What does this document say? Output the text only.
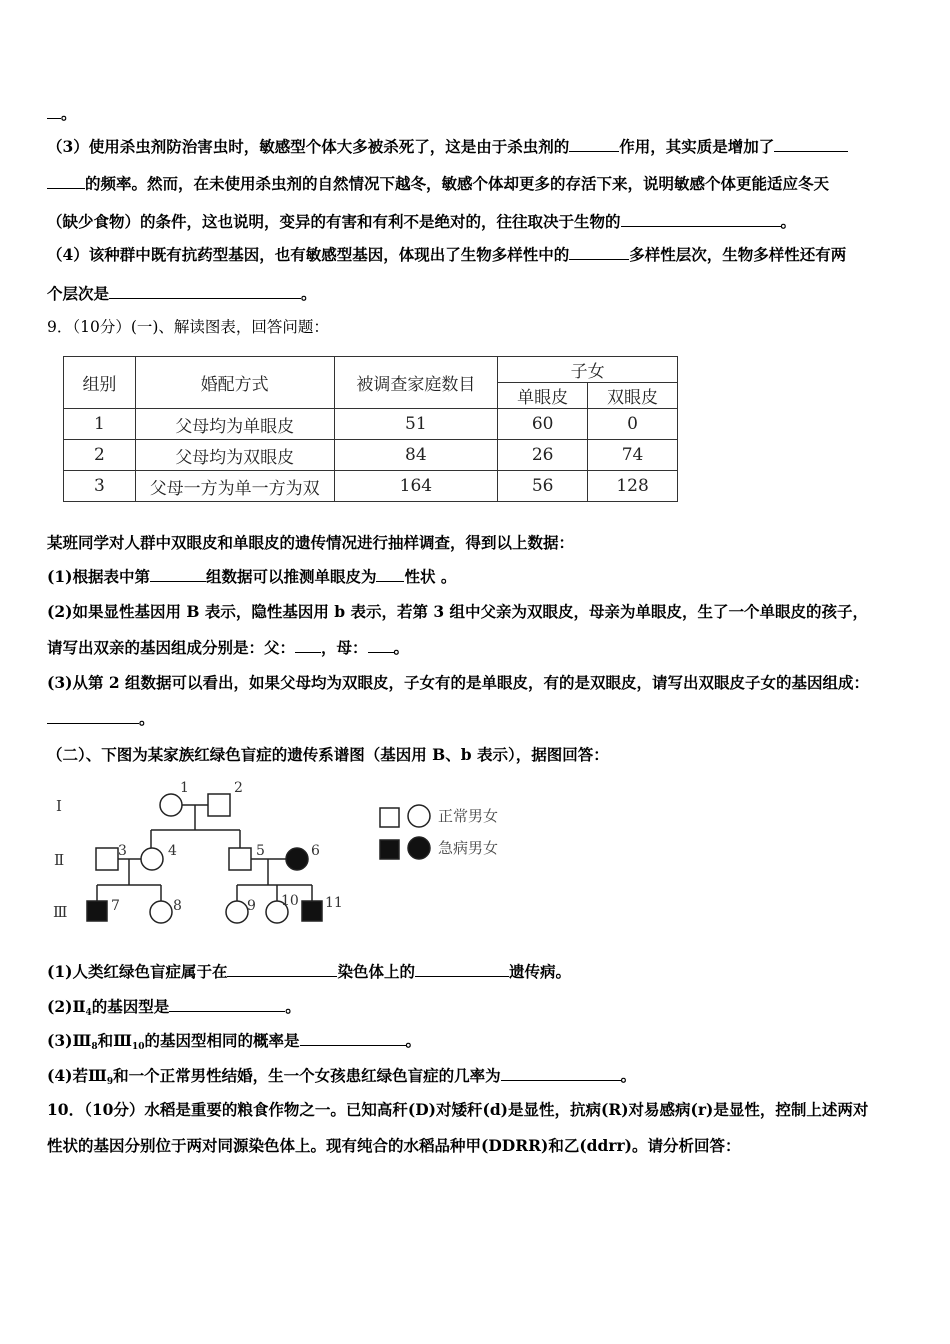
。
（3）使用杀虫剂防治害虫时，敏感型个体大多被杀死了，这是由于杀虫剂的	作用，其实质是增加了
的频率。然而，在未使用杀虫剂的自然情况下越冬，敏感个体却更多的存活下来，说明敏感个体更能适应冬天
（缺少食物）的条件，这也说明，变异的有害和有利不是绝对的，往往取决于生物的	。
（4）该种群中既有抗药型基因，也有敏感型基因，体现出了生物多样性中的	多样性层次，生物多样性还有两
个层次是	。
9．（10分）(一)、解读图表，回答问题：
组别	婚配方式	被调查家庭数目	子女	
			单眼皮	双眼皮
1	父母均为单眼皮	51	60	0
2	父母均为双眼皮	84	26	74
3	父母一方为单一方为双	164	56	128
某班同学对人群中双眼皮和单眼皮的遗传情况进行抽样调查，得到以上数据：
(1)根据表中第	组数据可以推测单眼皮为 性状 。
(2)如果显性基因用 B 表示，隐性基因用 b 表示，若第 3 组中父亲为双眼皮，母亲为单眼皮，生了一个单眼皮的孩子，
请写出双亲的基因组成分别是：父： ，母： 。
(3)从第 2 组数据可以看出，如果父母均为双眼皮，子女有的是单眼皮，有的是双眼皮，请写出双眼皮子女的基因组成：
。
（二）、下图为某家族红绿色盲症的遗传系谱图（基因用 B、b 表示），据图回答：
Ⅰ
Ⅱ
Ⅲ
1	2
3	4	5	6
7	8	9 10 11
正常男女
急病男女
(1)人类红绿色盲症属于在	染色体上的	遗传病。
$(2)Ⅱ_4$的基因型是	。
$(3)Ⅲ_8$和$Ⅲ_{10}$的基因型相同的概率是	。
(4)若$Ⅲ_9$和一个正常男性结婚，生一个女孩患红绿色盲症的几率为	。
10．（10分）水稻是重要的粮食作物之一。已知高秆(D)对矮秆(d)是显性，抗病(R)对易感病(r)是显性，控制上述两对
性状的基因分别位于两对同源染色体上。现有纯合的水稻品种甲(DDRR)和乙(ddrr)。请分析回答：
